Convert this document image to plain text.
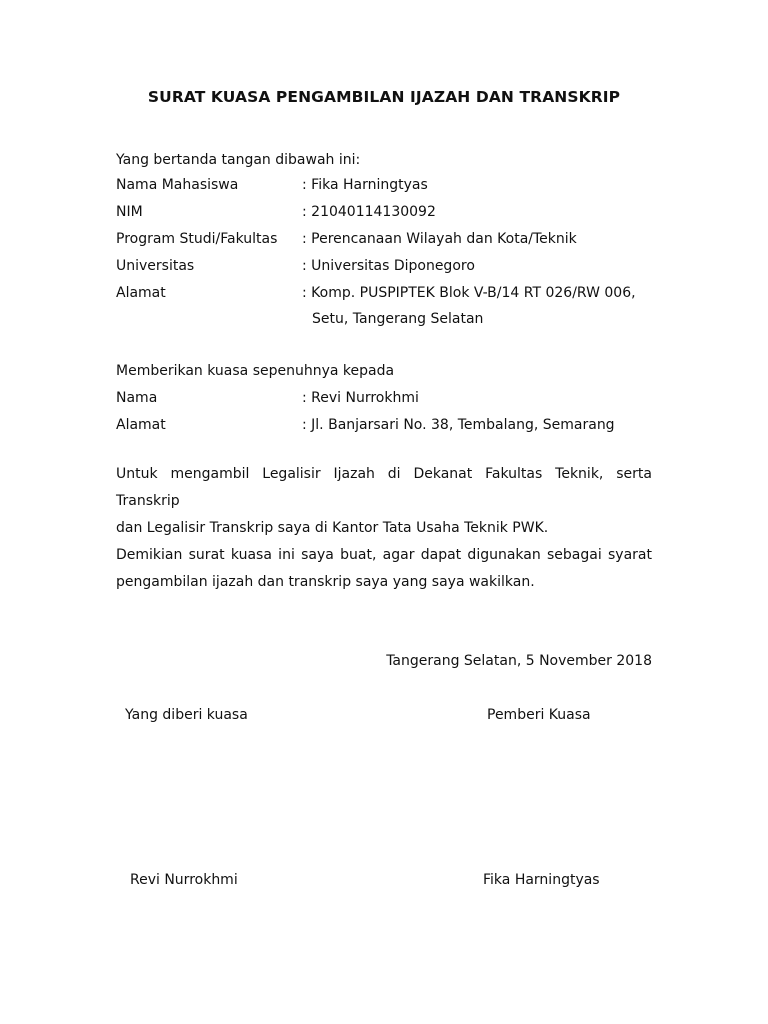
SURAT KUASA PENGAMBILAN IJAZAH DAN TRANSKRIP
Yang bertanda tangan dibawah ini:
Nama Mahasiswa	: Fika Harningtyas
NIM	: 21040114130092
Program Studi/Fakultas : Perencanaan Wilayah dan Kota/Teknik
Universitas	: Universitas Diponegoro
Alamat	: Komp. PUSPIPTEK Blok V-B/14 RT 026/RW 006,
Setu, Tangerang Selatan
Memberikan kuasa sepenuhnya kepada
Nama	: Revi Nurrokhmi
Alamat	: Jl. Banjarsari No. 38, Tembalang, Semarang
Untuk mengambil Legalisir Ijazah di Dekanat Fakultas Teknik, serta Transkrip
dan Legalisir Transkrip saya di Kantor Tata Usaha Teknik PWK.
Demikian surat kuasa ini saya buat, agar dapat digunakan sebagai syarat
pengambilan ijazah dan transkrip saya yang saya wakilkan.
Tangerang Selatan, 5 November 2018
Yang diberi kuasa	Pemberi Kuasa
Revi Nurrokhmi	Fika Harningtyas
